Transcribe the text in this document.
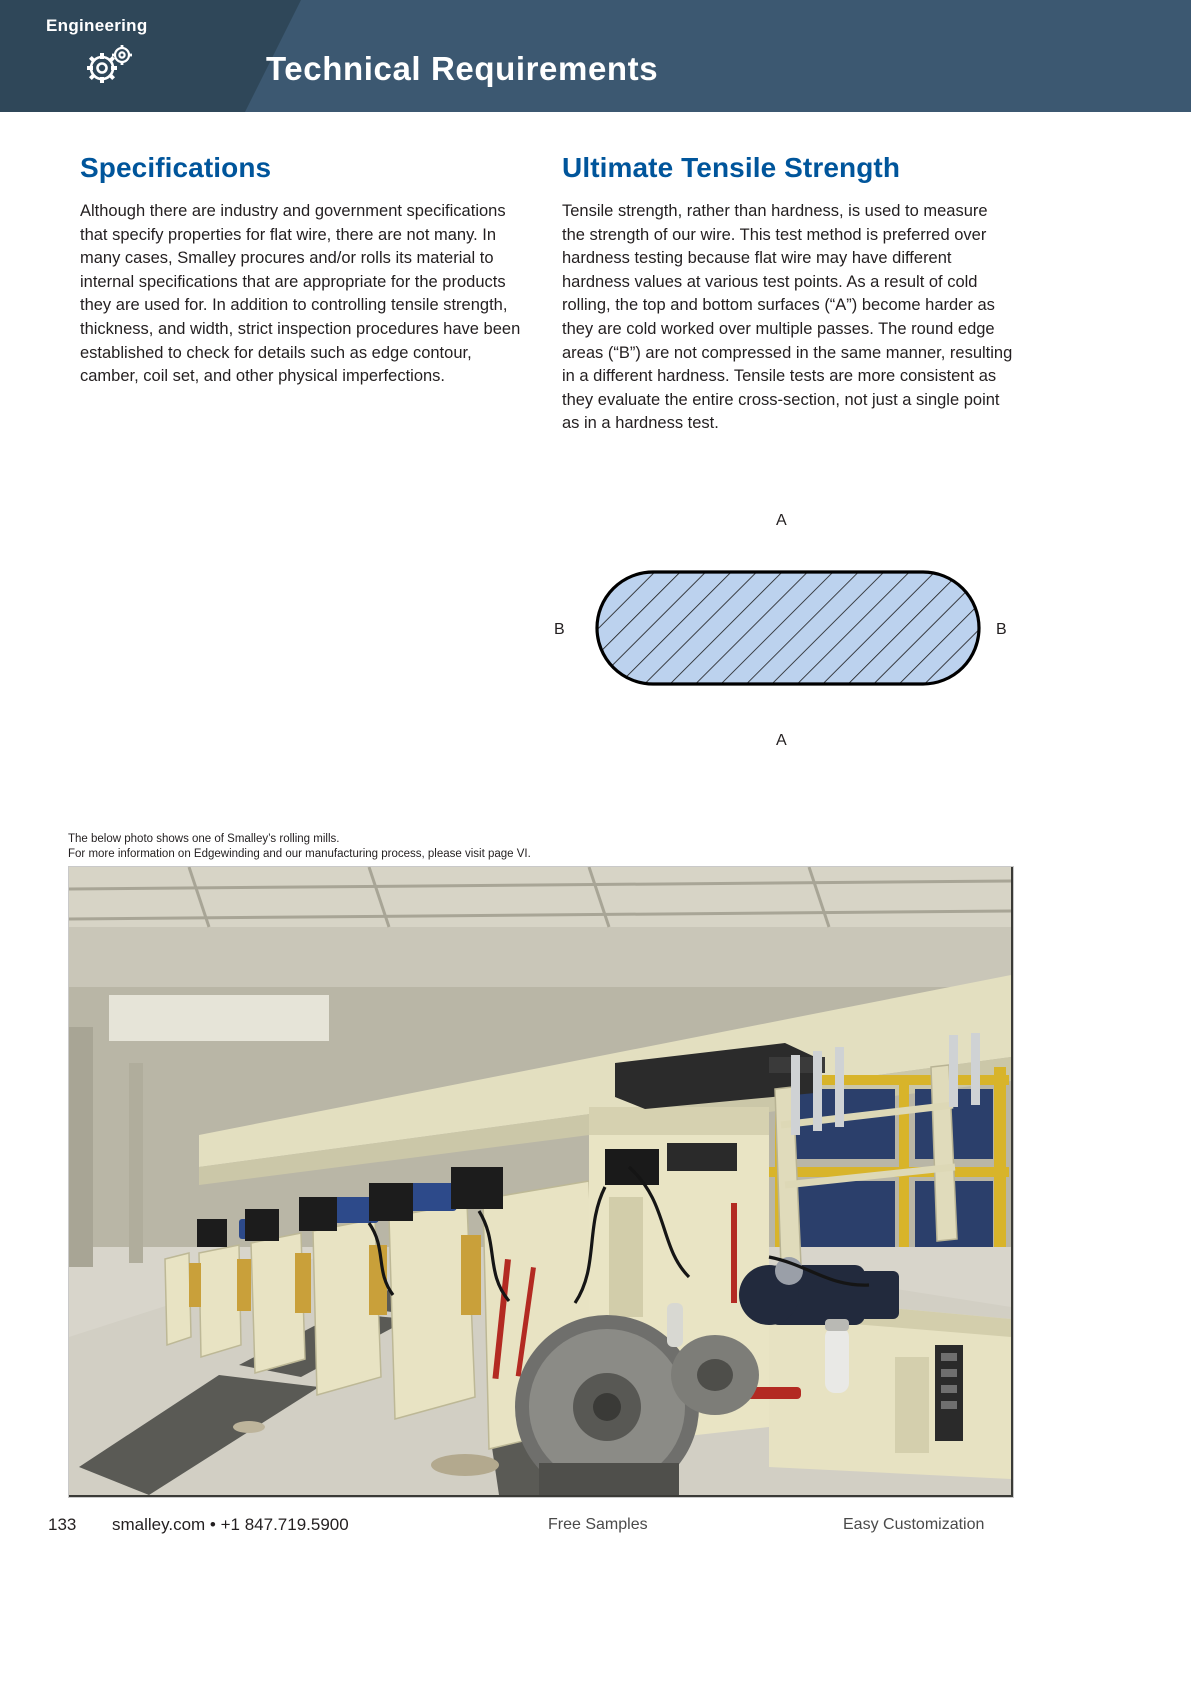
Engineering
Technical Requirements
Specifications

Although there are industry and government specifications that specify properties for flat wire, there are not many. In many cases, Smalley procures and/or rolls its material to internal specifications that are appropriate for the products they are used for. In addition to controlling tensile strength, thickness, and width, strict inspection procedures have been established to check for details such as edge contour, camber, coil set, and other physical imperfections.

Ultimate Tensile Strength

Tensile strength, rather than hardness, is used to measure the strength of our wire. This test method is preferred over hardness testing because flat wire may have different hardness values at various test points. As a result of cold rolling, the top and bottom surfaces (“A”) become harder as they are cold worked over multiple passes. The round edge areas (“B”) are not compressed in the same manner, resulting in a different hardness. Tensile tests are more consistent as they evaluate the entire cross-section, not just a single point as in a hardness test.

A
A
B	B
The below photo shows one of Smalley’s rolling mills.
For more information on Edgewinding and our manufacturing process, please visit page VI.
133 smalley.com • +1 847.719.5900	Free Samples	Easy Customization
